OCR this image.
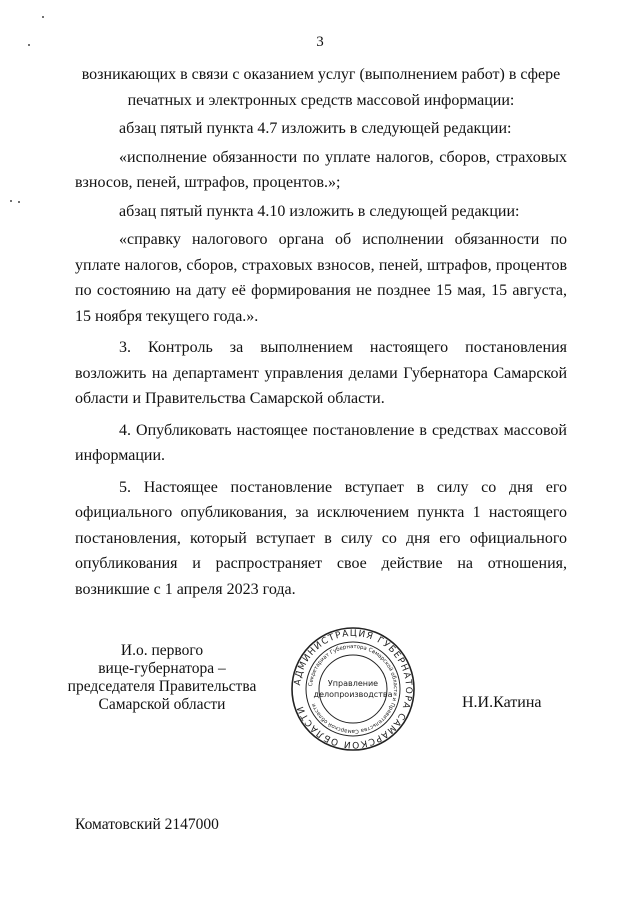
3

возникающих в связи с оказанием услуг (выполнением работ) в сфере печатных и электронных средств массовой информации:

абзац пятый пункта 4.7 изложить в следующей редакции:

«исполнение обязанности по уплате налогов, сборов, страховых взносов, пеней, штрафов, процентов.»;

абзац пятый пункта 4.10 изложить в следующей редакции:

«справку налогового органа об исполнении обязанности по уплате налогов, сборов, страховых взносов, пеней, штрафов, процентов по состоянию на дату её формирования не позднее 15 мая, 15 августа, 15 ноября текущего года.».

3. Контроль за выполнением настоящего постановления возложить на департамент управления делами Губернатора Самарской области и Правительства Самарской области.

4. Опубликовать настоящее постановление в средствах массовой информации.

5. Настоящее постановление вступает в силу со дня его официального опубликования, за исключением пункта 1 настоящего постановления, который вступает в силу со дня его официального опубликования и распространяет свое действие на отношения, возникшие с 1 апреля 2023 года.

И.о. первого
вице-губернатора –
председателя Правительства
Самарской области
АДМИНИСТРАЦИЯ ГУБЕРНАТОРА САМАРСКОЙ ОБЛАСТИ
Секретариат Губернатора Самарской области и Правительства Самарской области
Управление
делопроизводства	Н.И.Катина
Коматовский 2147000
